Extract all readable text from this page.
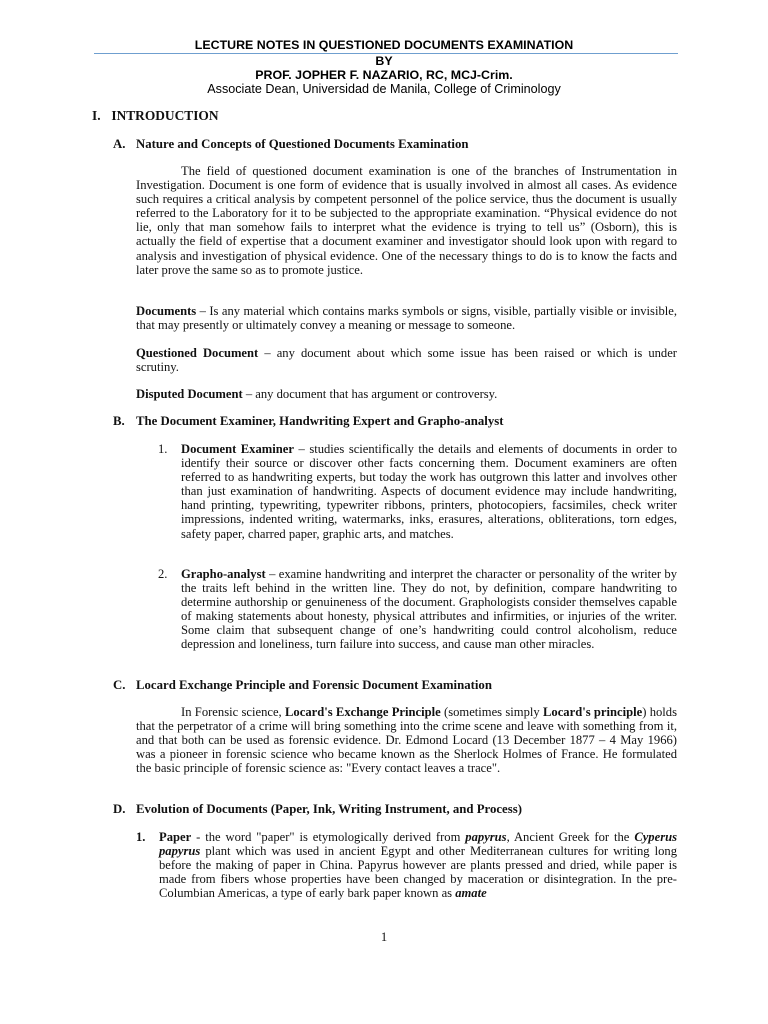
LECTURE NOTES IN QUESTIONED DOCUMENTS EXAMINATION
BY
PROF. JOPHER F. NAZARIO, RC, MCJ-Crim.
Associate Dean, Universidad de Manila, College of Criminology
I. INTRODUCTION
A. Nature and Concepts of Questioned Documents Examination

The field of questioned document examination is one of the branches of Instrumentation in Investigation. Document is one form of evidence that is usually involved in almost all cases. As evidence such requires a critical analysis by competent personnel of the police service, thus the document is usually referred to the Laboratory for it to be subjected to the appropriate examination. “Physical evidence do not lie, only that man somehow fails to interpret what the evidence is trying to tell us” (Osborn), this is actually the field of expertise that a document examiner and investigator should look upon with regard to analysis and investigation of physical evidence. One of the necessary things to do is to know the facts and later prove the same so as to promote justice.

Documents – Is any material which contains marks symbols or signs, visible, partially visible or invisible, that may presently or ultimately convey a meaning or message to someone.

Questioned Document – any document about which some issue has been raised or which is under scrutiny.

Disputed Document – any document that has argument or controversy.

B. The Document Examiner, Handwriting Expert and Grapho-analyst
1. Document Examiner – studies scientifically the details and elements of documents in order to identify their source or discover other facts concerning them. Document examiners are often referred to as handwriting experts, but today the work has outgrown this latter and involves other than just examination of handwriting. Aspects of document evidence may include handwriting, hand printing, typewriting, typewriter ribbons, printers, photocopiers, facsimiles, check writer impressions, indented writing, watermarks, inks, erasures, alterations, obliterations, torn edges, safety paper, charred paper, graphic arts, and matches.
2. Grapho-analyst – examine handwriting and interpret the character or personality of the writer by the traits left behind in the written line. They do not, by definition, compare handwriting to determine authorship or genuineness of the document. Graphologists consider themselves capable of making statements about honesty, physical attributes and infirmities, or injuries of the writer. Some claim that subsequent change of one’s handwriting could control alcoholism, reduce depression and loneliness, turn failure into success, and cause man other miracles.
C. Locard Exchange Principle and Forensic Document Examination

In Forensic science, Locard's Exchange Principle (sometimes simply Locard's principle) holds that the perpetrator of a crime will bring something into the crime scene and leave with something from it, and that both can be used as forensic evidence. Dr. Edmond Locard (13 December 1877 – 4 May 1966) was a pioneer in forensic science who became known as the Sherlock Holmes of France. He formulated the basic principle of forensic science as: "Every contact leaves a trace".

D. Evolution of Documents (Paper, Ink, Writing Instrument, and Process)
1. Paper - the word "paper" is etymologically derived from papyrus, Ancient Greek for the Cyperus papyrus plant which was used in ancient Egypt and other Mediterranean cultures for writing long before the making of paper in China. Papyrus however are plants pressed and dried, while paper is made from fibers whose properties have been changed by maceration or disintegration. In the pre-Columbian Americas, a type of early bark paper known as amate
1
